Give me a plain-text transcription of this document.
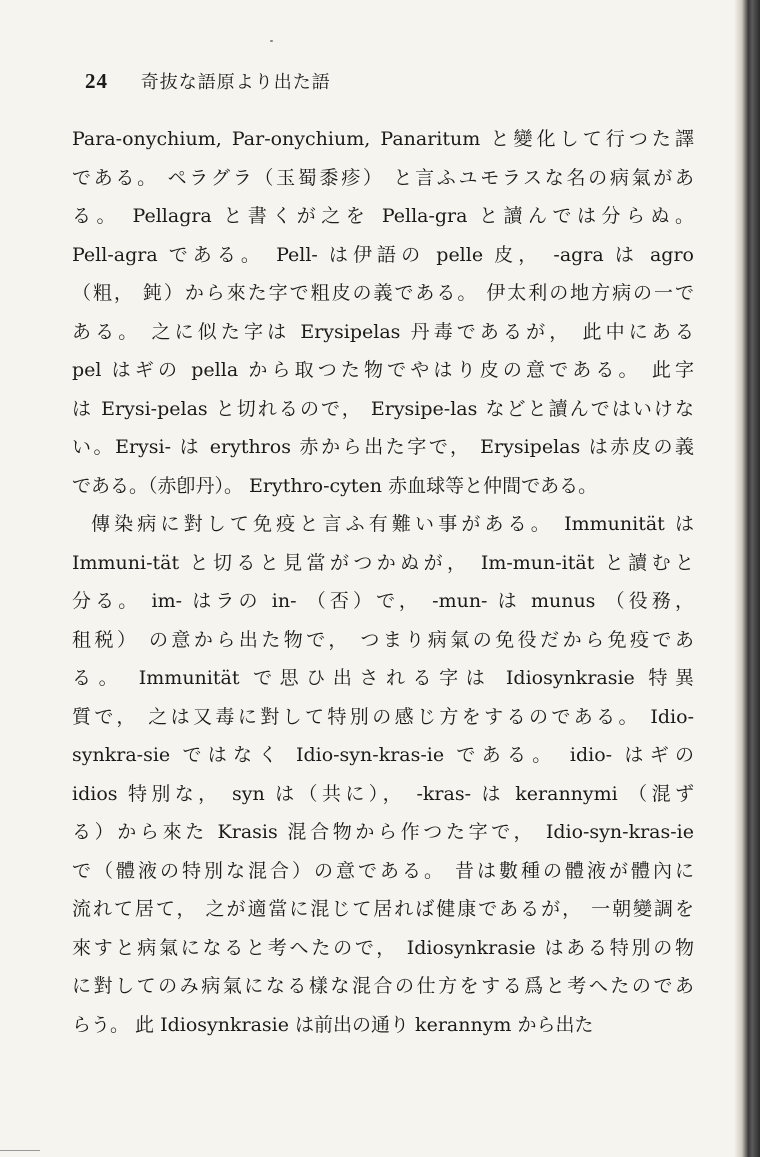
24 奇抜な語原より出た語
Para-onychium, Par-onychium, Panaritum と變化して行つた譯
である。 ペラグラ（玉蜀黍疹） と言ふユモラスな名の病氣があ
る。 Pellagra と書くが之を Pella-gra と讀んでは分らぬ。
Pell-agra である。 Pell- は伊語の pelle 皮， -agra は agro
（粗， 鈍）から來た字で粗皮の義である。 伊太利の地方病の一で
ある。 之に似た字は Erysipelas 丹毒であるが， 此中にある
pel はギの pella から取つた物でやはり皮の意である。 此字
は Erysi-pelas と切れるので， Erysipe-las などと讀んではいけな
い。Erysi- は erythros 赤から出た字で， Erysipelas は赤皮の義
である。（赤卽丹）。 Erythro-cyten 赤血球等と仲間である。
傳染病に對して免疫と言ふ有難い事がある。 Immunität は
Immuni-tät と切ると見當がつかぬが， Im-mun-ität と讀むと
分る。 im- はラの in- （否）で， -mun- は munus （役務，
租税） の意から出た物で， つまり病氣の免役だから免疫であ
る。 Immunität で思ひ出される字は Idiosynkrasie 特異
質で， 之は又毒に對して特別の感じ方をするのである。 Idio-
synkra-sie ではなく Idio-syn-kras-ie である。 idio- はギの
idios 特別な， syn は（共に）， -kras- は kerannymi （混ず
る）から來た Krasis 混合物から作つた字で， Idio-syn-kras-ie
で（體液の特別な混合）の意である。 昔は數種の體液が體內に
流れて居て， 之が適當に混じて居れば健康であるが， 一朝變調を
來すと病氣になると考へたので， Idiosynkrasie はある特別の物
に對してのみ病氣になる樣な混合の仕方をする爲と考へたのであ
らう。 此 Idiosynkrasie は前出の通り kerannym から出た
